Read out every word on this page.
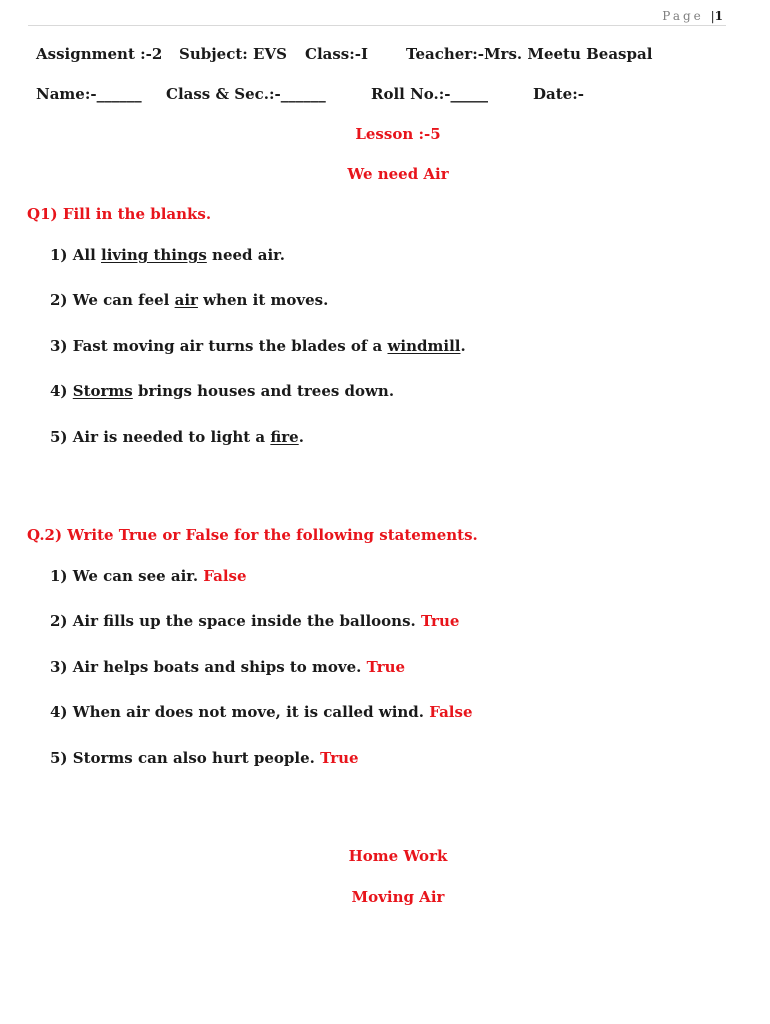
Page |1
Assignment :-2 Subject: EVS Class:-I	Teacher:-Mrs. Meetu Beaspal
Name:-______ Class & Sec.:-______	Roll No.:-_____	Date:-
Lesson :-5
We need Air
Q1) Fill in the blanks.
1) All living things need air.
2) We can feel air when it moves.
3) Fast moving air turns the blades of a windmill.
4) Storms brings houses and trees down.
5) Air is needed to light a fire.
Q.2) Write True or False for the following statements.
1) We can see air. False
2) Air fills up the space inside the balloons. True
3) Air helps boats and ships to move. True
4) When air does not move, it is called wind. False
5) Storms can also hurt people. True
Home Work
Moving Air
